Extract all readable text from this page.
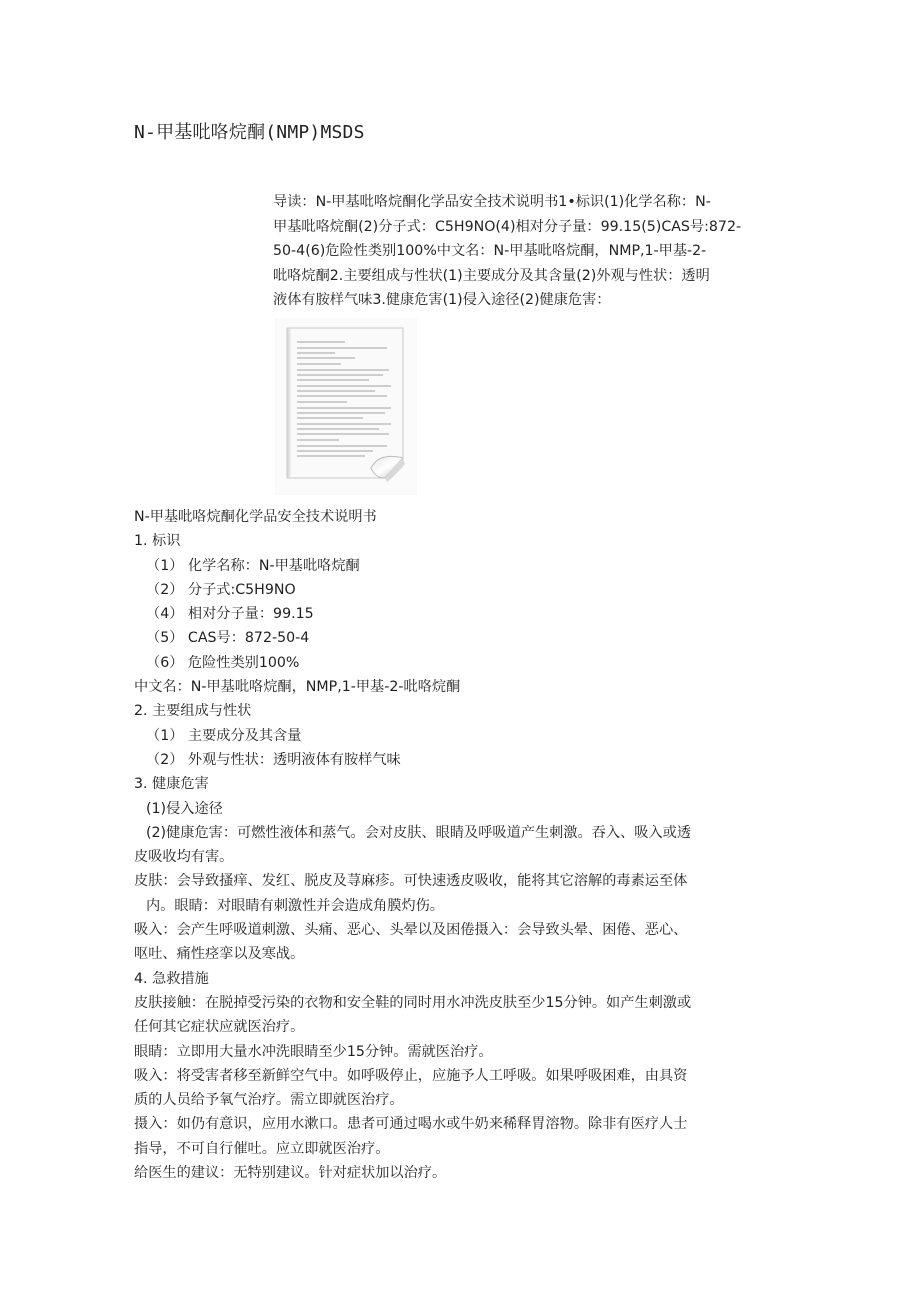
N-甲基吡咯烷酮(NMP)MSDS
导读：N-甲基吡咯烷酮化学品安全技术说明书1•标识(1)化学名称：N-
甲基吡咯烷酮(2)分子式：C5H9NO(4)相对分子量：99.15(5)CAS号:872-
50-4(6)危险性类别100%中文名：N-甲基吡咯烷酮，NMP,1-甲基-2-
吡咯烷酮2.主要组成与性状(1)主要成分及其含量(2)外观与性状：透明
液体有胺样气味3.健康危害(1)侵入途径(2)健康危害：
N-甲基吡咯烷酮化学品安全技术说明书
1. 标识
（1） 化学名称：N-甲基吡咯烷酮
（2） 分子式:C5H9NO
（4） 相对分子量：99.15
（5） CAS号：872-50-4
（6） 危险性类别100%
中文名：N-甲基吡咯烷酮，NMP,1-甲基-2-吡咯烷酮
2. 主要组成与性状
（1） 主要成分及其含量
（2） 外观与性状：透明液体有胺样气味
3. 健康危害
(1)侵入途径
(2)健康危害：可燃性液体和蒸气。会对皮肤、眼睛及呼吸道产生刺激。吞入、吸入或透
皮吸收均有害。
皮肤：会导致搔痒、发红、脱皮及荨麻疹。可快速透皮吸收，能将其它溶解的毒素运至体
内。眼睛：对眼睛有刺激性并会造成角膜灼伤。
吸入：会产生呼吸道刺激、头痛、恶心、头晕以及困倦摄入：会导致头晕、困倦、恶心、
呕吐、痛性痉挛以及寒战。
4. 急救措施
皮肤接触：在脱掉受污染的衣物和安全鞋的同时用水冲洗皮肤至少15分钟。如产生刺激或
任何其它症状应就医治疗。
眼睛：立即用大量水冲洗眼睛至少15分钟。需就医治疗。
吸入：将受害者移至新鲜空气中。如呼吸停止，应施予人工呼吸。如果呼吸困难，由具资
质的人员给予氧气治疗。需立即就医治疗。
摄入：如仍有意识，应用水漱口。患者可通过喝水或牛奶来稀释胃溶物。除非有医疗人士
指导，不可自行催吐。应立即就医治疗。
给医生的建议：无特别建议。针对症状加以治疗。
